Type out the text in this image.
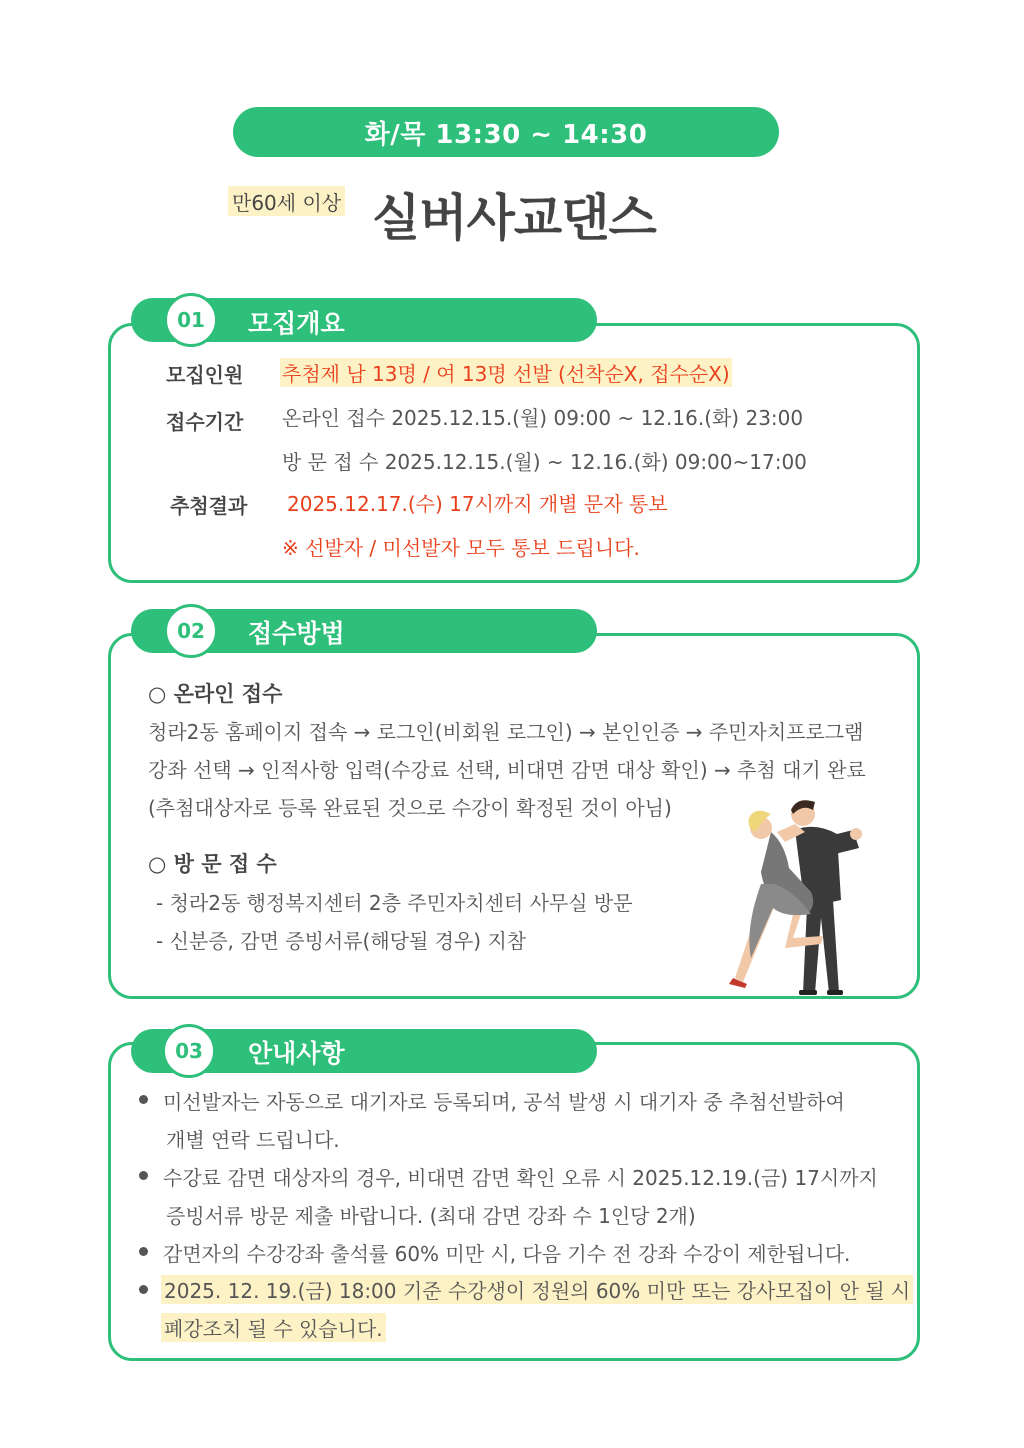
화/목 13:30 ~ 14:30
만60세 이상 실버사교댄스
01	모집개요
모집인원 추첨제 남 13명 / 여 13명 선발 (선착순X, 접수순X)
접수기간 온라인 접수 2025.12.15.(월) 09:00 ~ 12.16.(화) 23:00
방 문 접 수 2025.12.15.(월) ~ 12.16.(화) 09:00~17:00
추첨결과 2025.12.17.(수) 17시까지 개별 문자 통보
※ 선발자 / 미선발자 모두 통보 드립니다.
02	접수방법
○ 온라인 접수
청라2동 홈페이지 접속 → 로그인(비회원 로그인) → 본인인증 → 주민자치프로그램
강좌 선택 → 인적사항 입력(수강료 선택, 비대면 감면 대상 확인) → 추첨 대기 완료
(추첨대상자로 등록 완료된 것으로 수강이 확정된 것이 아님)
○ 방 문 접 수
- 청라2동 행정복지센터 2층 주민자치센터 사무실 방문
- 신분증, 감면 증빙서류(해당될 경우) 지참
03	안내사항
미선발자는 자동으로 대기자로 등록되며, 공석 발생 시 대기자 중 추첨선발하여
개별 연락 드립니다.
수강료 감면 대상자의 경우, 비대면 감면 확인 오류 시 2025.12.19.(금) 17시까지
증빙서류 방문 제출 바랍니다. (최대 감면 강좌 수 1인당 2개)
감면자의 수강강좌 출석률 60% 미만 시, 다음 기수 전 강좌 수강이 제한됩니다.
2025. 12. 19.(금) 18:00 기준 수강생이 정원의 60% 미만 또는 강사모집이 안 될 시
폐강조치 될 수 있습니다.
